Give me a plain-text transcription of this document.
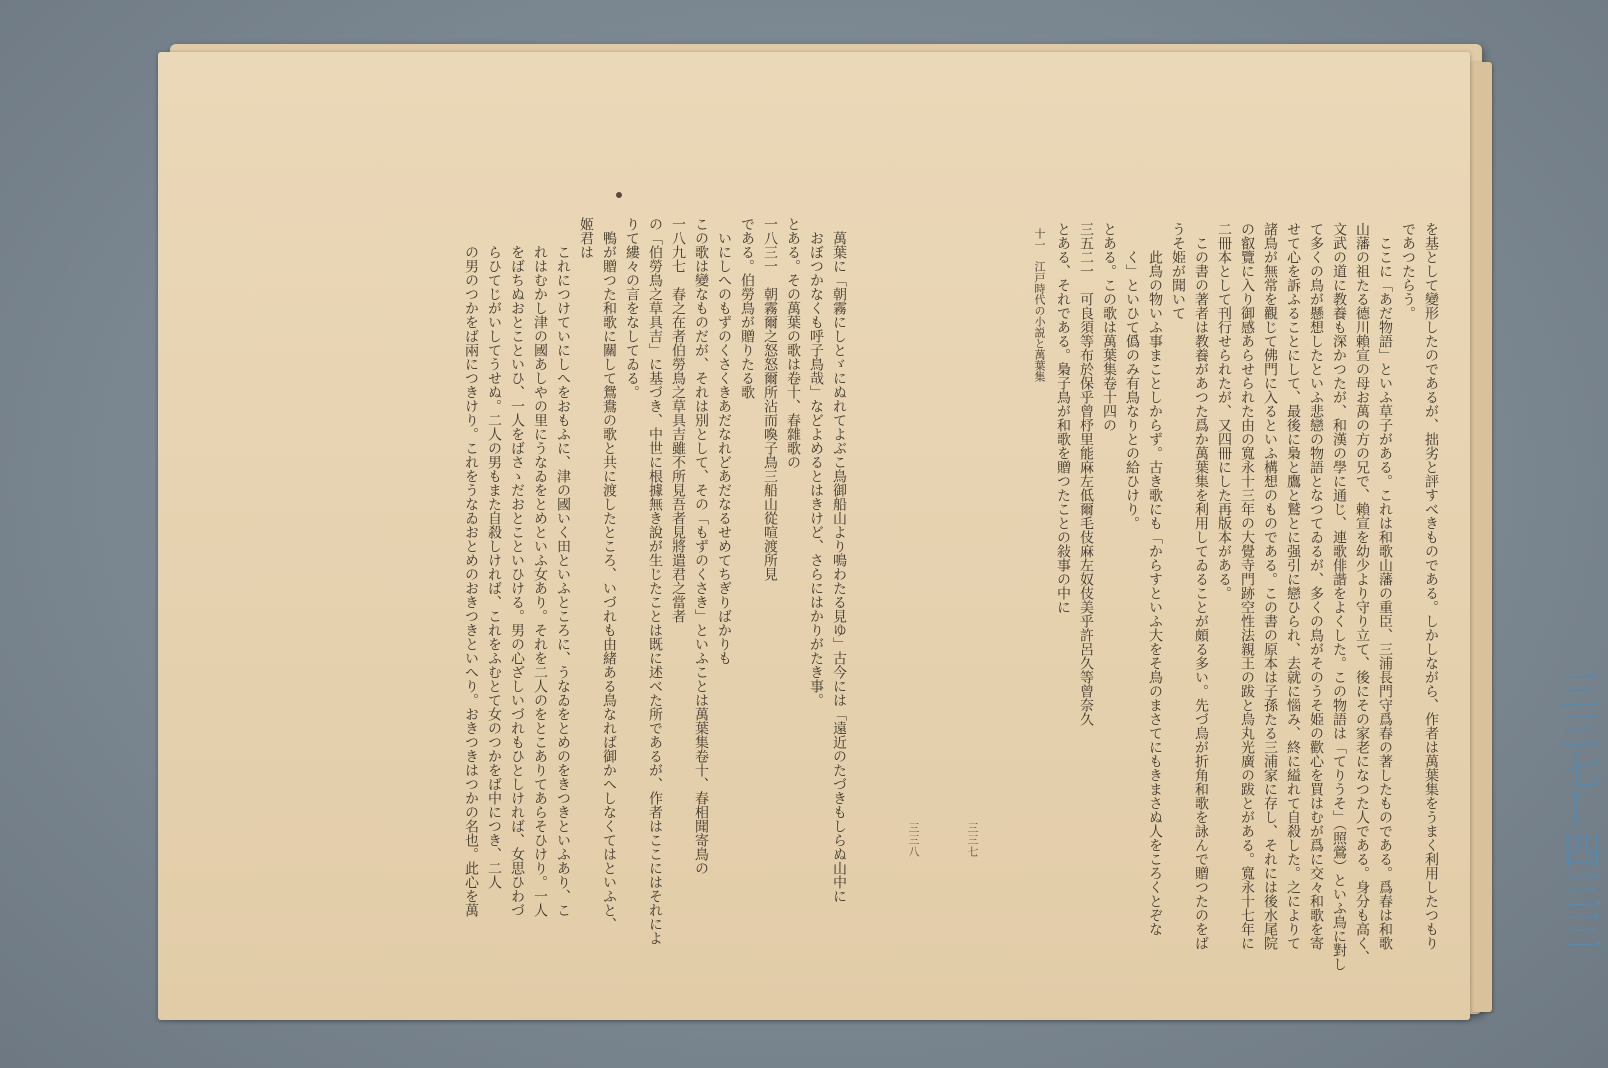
を基として變形したのであるが、拙劣と評すべきものである。しかしながら、作者は萬葉集をうまく利用したつもり
であつたらう。
　ここに「あだ物語」といふ草子がある。これは和歌山藩の重臣、三浦長門守爲春の著したものである。爲春は和歌
山藩の祖たる德川賴宣の母お萬の方の兄で、賴宣を幼少より守り立て、後にその家老になつた人である。身分も高く、
文武の道に教養も深かつたが、和漢の學に通じ、連歌俳諧をよくした。この物語は「てりうそ」（照鶯）といふ鳥に對し
て多くの鳥が懸想したといふ悲戀の物語となつてゐるが、多くの鳥がそのうそ姫の歡心を買はむが爲に交々和歌を寄
せて心を訴ふることにして、最後に梟と鷹と鷲とに强引に戀ひられ、去就に惱み、終に縊れて自殺した。之によりて
諸鳥が無常を觀じて佛門に入るといふ構想のものである。この書の原本は子孫たる三浦家に存し、それには後水尾院
の叡覽に入り御感あらせられた由の寬永十三年の大覺寺門跡空性法親王の跋と烏丸光廣の跋とがある。寬永十七年に
二冊本として刊行せられたが、又四冊にした再版本がある。
　この書の著者は教養があつた爲か萬葉集を利用してゐることが頗る多い。先づ烏が折角和歌を詠んで贈つたのをば
うそ姫が聞いて
　　此鳥の物いふ事まことしからず。古き歌にも「からすといふ大をそ鳥のまさてにもきまさぬ人をころくとぞな
　　く」といひて僞のみ有鳥なりとの給ひけり。
とある。この歌は萬葉集卷十四の
三五二一　可良須等布於保乎曾杼里能麻左低爾毛伎麻左奴伎美乎許呂久等曾奈久
とある、それである。梟子鳥が和歌を贈つたことの敍事の中に
十一　江戸時代の小説と萬葉集
　萬葉に「朝霧にしとゞにぬれてよぶこ鳥御船山より鳴わたる見ゆ」古今には「遠近のたづきもしらぬ山中に
　おぼつかなくも呼子鳥哉」などよめるとはきけど、さらにはかりがたき事。
とある。その萬葉の歌は卷十、春雜歌の
一八三一　朝霧爾之怒怒爾所沾而喚子鳥三船山從喧渡所見
である。伯勞鳥が贈りたる歌
　いにしへのもずのくさくきあだなれどあだなるせめてちぎりばかりも
この歌は變なものだが、それは別として、その「もずのくさき」といふことは萬葉集卷十、春相聞寄鳥の
一八九七　春之在者伯勞鳥之草具吉雖不所見吾者見將遣君之當者
の「伯勞鳥之草具吉」に基づき、中世に根據無き說が生じたことは既に述べた所であるが、作者はここにはそれによ
りて縷々の言をなしてゐる。
　鴨が贈つた和歌に關して鴛鴦の歌と共に渡したところ、いづれも由緒ある鳥なれば御かへしなくてはといふと、
姬君は
　　これにつけていにしへをおもふに、津の國いく田といふところに、うなゐをとめのをきつきといふあり、こ
　　れはむかし津の國あしやの里にうなゐをとめといふ女あり。それを二人のをとこありてあらそひけり。一人
　　をばちぬおとこといひ、一人をばさゝだおとこといひける。男の心ざしいづれもひとしければ、女思ひわづ
　　らひてじがいしてうせぬ。二人の男もまた自殺しければ、これをふむとて女のつかをば中につき、二人
　　の男のつかをば兩につきけり。これをうなゐおとめのおきつきといへり。おきつきはつかの名也。此心を萬	三三七
三三八	三三七—四三三
